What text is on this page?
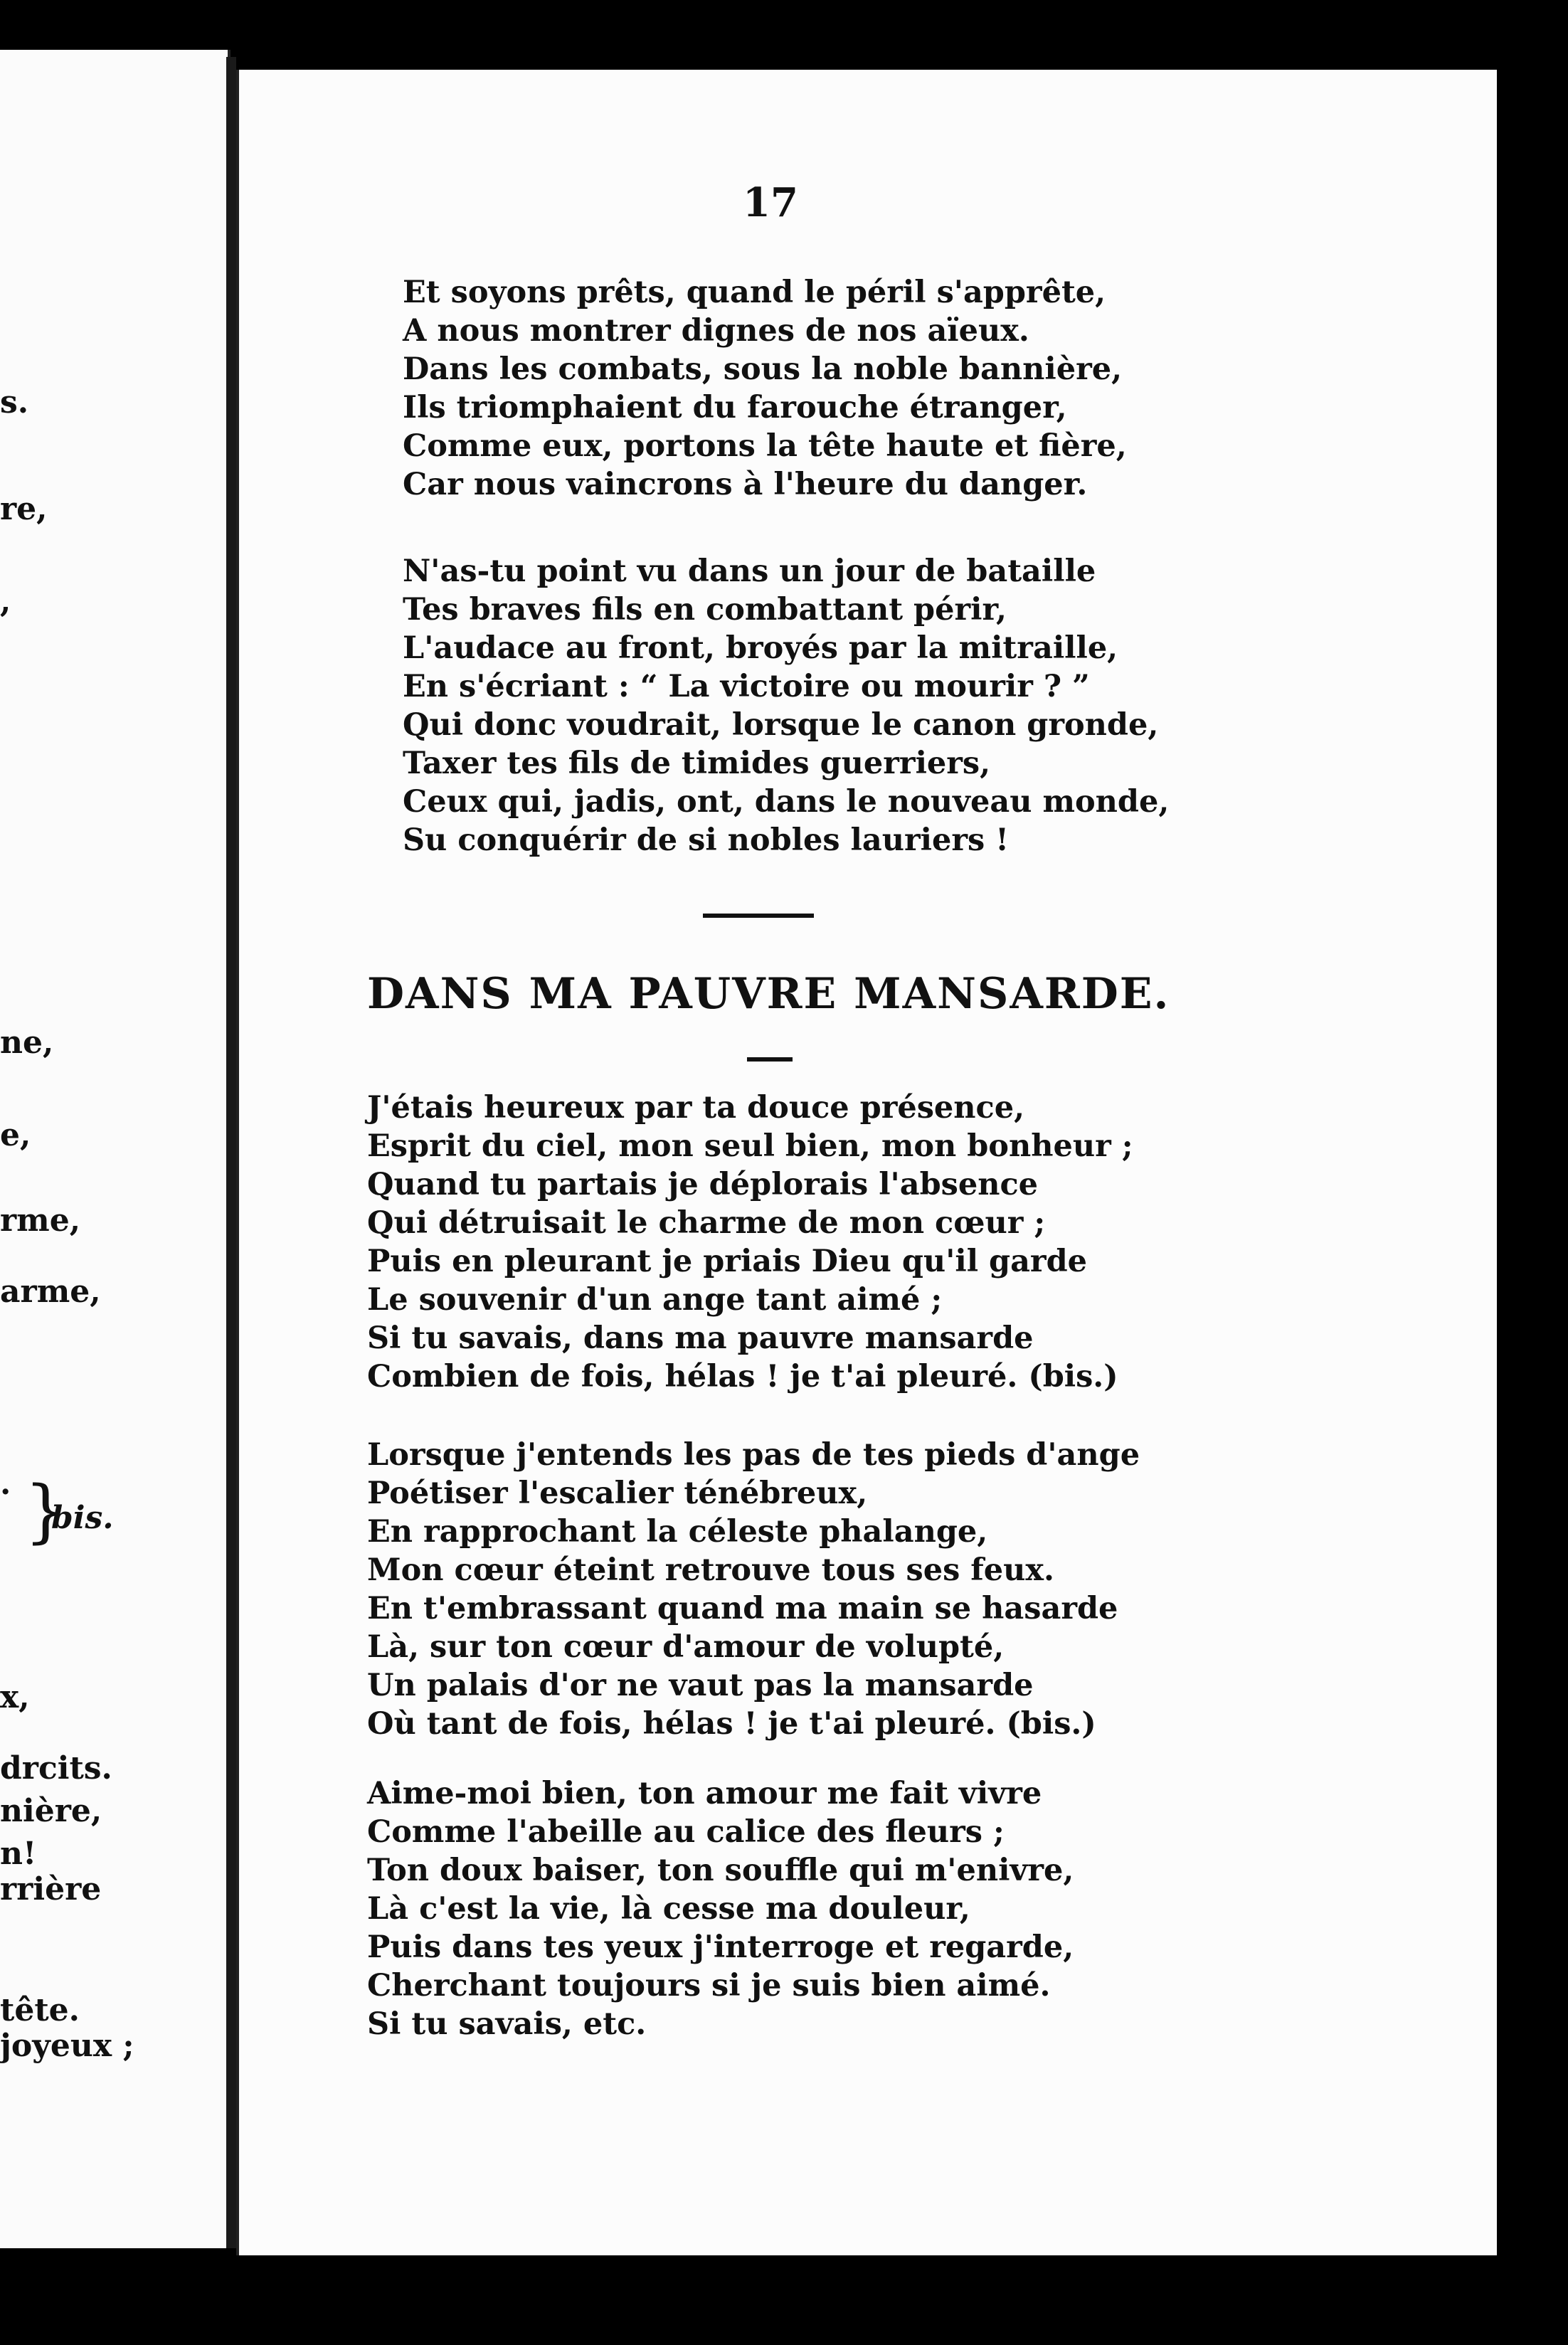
s.
re,
,
ne,
e,
rme,
arme,
.
x,
drcits.
nière,
n!
rrière
tête.
joyeux ;
}
bis.
17
Et soyons prêts, quand le péril s'apprête,
A nous montrer dignes de nos aïeux.
Dans les combats, sous la noble bannière,
Ils triomphaient du farouche étranger,
Comme eux, portons la tête haute et fière,
Car nous vaincrons à l'heure du danger.
N'as-tu point vu dans un jour de bataille
Tes braves fils en combattant périr,
L'audace au front, broyés par la mitraille,
En s'écriant : “ La victoire ou mourir ? ”
Qui donc voudrait, lorsque le canon gronde,
Taxer tes fils de timides guerriers,
Ceux qui, jadis, ont, dans le nouveau monde,
Su conquérir de si nobles lauriers !
DANS MA PAUVRE MANSARDE.
J'étais heureux par ta douce présence,
Esprit du ciel, mon seul bien, mon bonheur ;
Quand tu partais je déplorais l'absence
Qui détruisait le charme de mon cœur ;
Puis en pleurant je priais Dieu qu'il garde
Le souvenir d'un ange tant aimé ;
Si tu savais, dans ma pauvre mansarde
Combien de fois, hélas ! je t'ai pleuré. (bis.)
Lorsque j'entends les pas de tes pieds d'ange
Poétiser l'escalier ténébreux,
En rapprochant la céleste phalange,
Mon cœur éteint retrouve tous ses feux.
En t'embrassant quand ma main se hasarde
Là, sur ton cœur d'amour de volupté,
Un palais d'or ne vaut pas la mansarde
Où tant de fois, hélas ! je t'ai pleuré. (bis.)
Aime-moi bien, ton amour me fait vivre
Comme l'abeille au calice des fleurs ;
Ton doux baiser, ton souffle qui m'enivre,
Là c'est la vie, là cesse ma douleur,
Puis dans tes yeux j'interroge et regarde,
Cherchant toujours si je suis bien aimé.
Si tu savais, etc.
